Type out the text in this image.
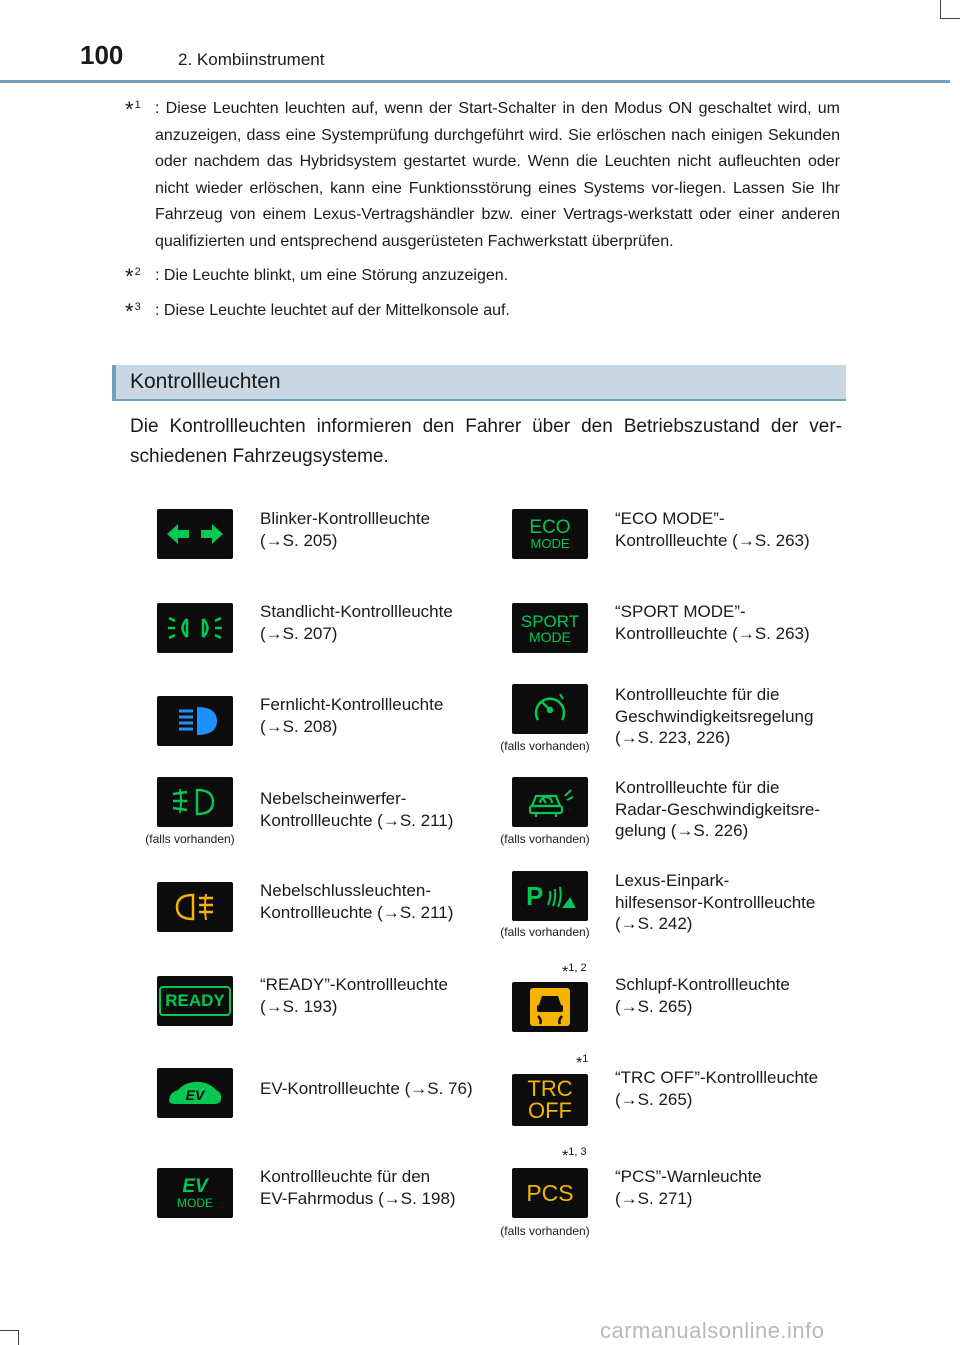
100	2. Kombiinstrument
*$^1$ : Diese Leuchten leuchten auf, wenn der Start-Schalter in den Modus ON geschaltet wird, um anzuzeigen, dass eine Systemprüfung durchgeführt wird. Sie erlöschen nach einigen Sekunden oder nachdem das Hybridsystem gestartet wurde. Wenn die Leuchten nicht aufleuchten oder nicht wieder erlöschen, kann eine Funktionsstörung eines Systems vor-liegen. Lassen Sie Ihr Fahrzeug von einem Lexus-Vertragshändler bzw. einer Vertrags-werkstatt oder einer anderen qualifizierten und entsprechend ausgerüsteten Fachwerkstatt überprüfen.
*$^2$ : Die Leuchte blinkt, um eine Störung anzuzeigen.
*$^3$ : Diese Leuchte leuchtet auf der Mittelkonsole auf.
Kontrollleuchten
Die Kontrollleuchten informieren den Fahrer über den Betriebszustand der ver-schiedenen Fahrzeugsysteme.
Blinker-Kontrollleuchte
(→S. 205)
Standlicht-Kontrollleuchte
(→S. 207)
Fernlicht-Kontrollleuchte
(→S. 208)
(falls vorhanden)
Nebelscheinwerfer-
Kontrollleuchte (→S. 211)
Nebelschlussleuchten-
Kontrollleuchte (→S. 211)
READY
“READY”-Kontrollleuchte
(→S. 193)
EV	EV-Kontrollleuchte (→S. 76)
EV
MODE
Kontrollleuchte für den
EV-Fahrmodus (→S. 198)
ECO
MODE
“ECO MODE”-
Kontrollleuchte (→S. 263)
SPORT
MODE
“SPORT MODE”-
Kontrollleuchte (→S. 263)
(falls vorhanden)
Kontrollleuchte für die
Geschwindigkeitsregelung
(→S. 223, 226)
(falls vorhanden)
Kontrollleuchte für die
Radar-Geschwindigkeitsre-
gelung (→S. 226)
P
(falls vorhanden)
Lexus-Einpark-
hilfesensor-Kontrollleuchte
(→S. 242)
*$^{1, 2}$
Schlupf-Kontrollleuchte
(→S. 265)
*$^1$
TRC
OFF
“TRC OFF”-Kontrollleuchte
(→S. 265)
*$^{1, 3}$
PCS
(falls vorhanden)
“PCS”-Warnleuchte
(→S. 271)
carmanualsonline.info
